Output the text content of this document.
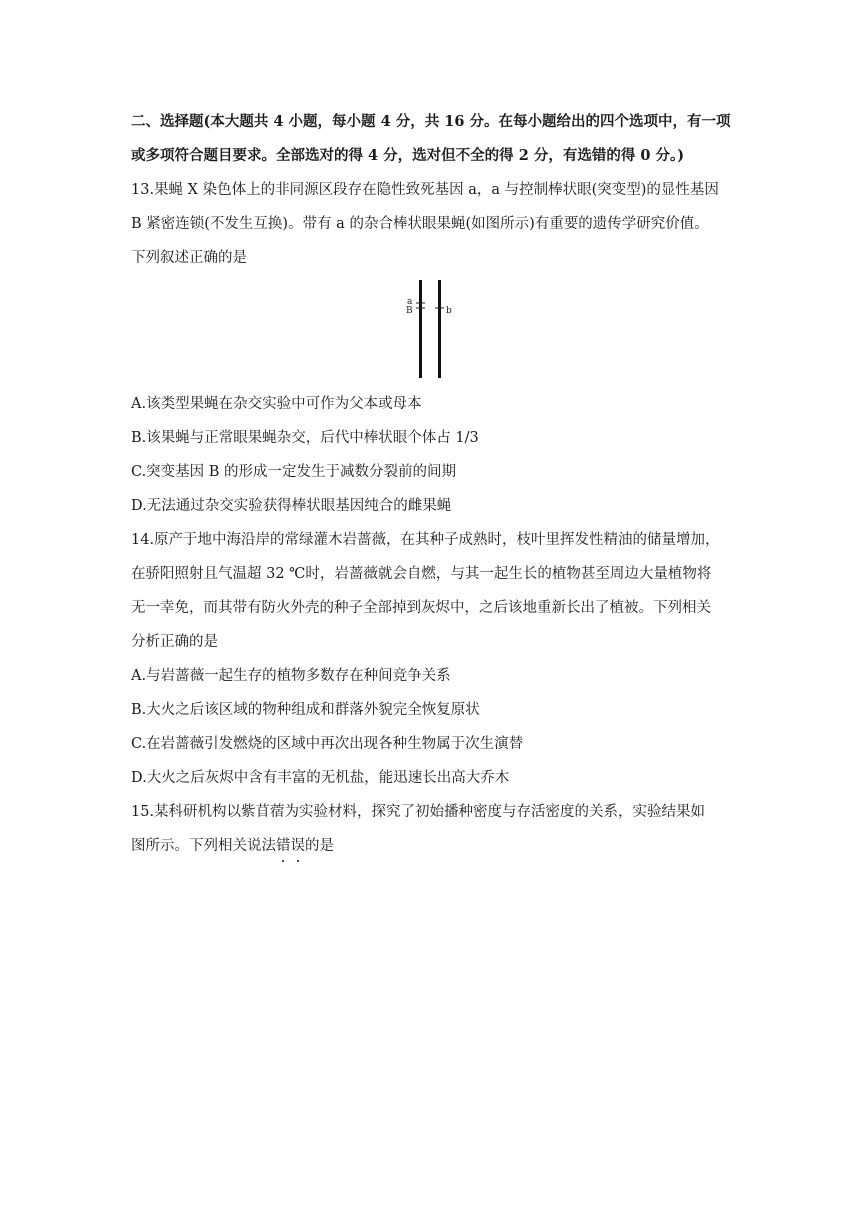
二、选择题(本大题共 4 小题，每小题 4 分，共 16 分。在每小题给出的四个选项中，有一项
或多项符合题目要求。全部选对的得 4 分，选对但不全的得 2 分，有选错的得 0 分。)
13.果蝇 X 染色体上的非同源区段存在隐性致死基因 a，a 与控制棒状眼(突变型)的显性基因
B 紧密连锁(不发生互换)。带有 a 的杂合棒状眼果蝇(如图所示)有重要的遗传学研究价值。
下列叙述正确的是
a
B	b
A.该类型果蝇在杂交实验中可作为父本或母本
B.该果蝇与正常眼果蝇杂交，后代中棒状眼个体占 1/3
C.突变基因 B 的形成一定发生于减数分裂前的间期
D.无法通过杂交实验获得棒状眼基因纯合的雌果蝇
14.原产于地中海沿岸的常绿灌木岩蔷薇，在其种子成熟时，枝叶里挥发性精油的储量增加，
在骄阳照射且气温超 32 ℃时，岩蔷薇就会自燃，与其一起生长的植物甚至周边大量植物将
无一幸免，而其带有防火外壳的种子全部掉到灰烬中，之后该地重新长出了植被。下列相关
分析正确的是
A.与岩蔷薇一起生存的植物多数存在种间竞争关系
B.大火之后该区域的物种组成和群落外貌完全恢复原状
C.在岩蔷薇引发燃烧的区域中再次出现各种生物属于次生演替
D.大火之后灰烬中含有丰富的无机盐，能迅速长出高大乔木
15.某科研机构以紫苜蓿为实验材料，探究了初始播种密度与存活密度的关系，实验结果如
图所示。下列相关说法错误的是
